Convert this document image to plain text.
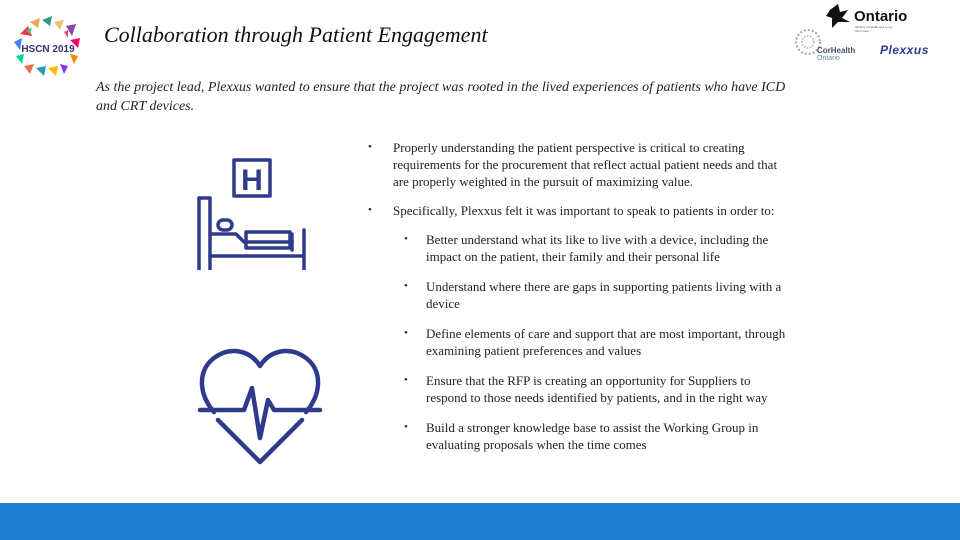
HSCN 2019
Collaboration through Patient Engagement
Ontario
Ministry of Health and Long-Term Care
CorHealth
Ontario
Plexxus
As the project lead, Plexxus wanted to ensure that the project was rooted in the lived experiences of patients who have ICD and CRT devices.
H
• Properly understanding the patient perspective is critical to creating requirements for the procurement that reflect actual patient needs and that are properly weighted in the pursuit of maximizing value.
• Specifically, Plexxus felt it was important to speak to patients in order to:
• Better understand what its like to live with a device, including the impact on the patient, their family and their personal life
• Understand where there are gaps in supporting patients living with a device
• Define elements of care and support that are most important, through examining patient preferences and values
• Ensure that the RFP is creating an opportunity for Suppliers to respond to those needs identified by patients, and in the right way
• Build a stronger knowledge base to assist the Working Group in evaluating proposals when the time comes
